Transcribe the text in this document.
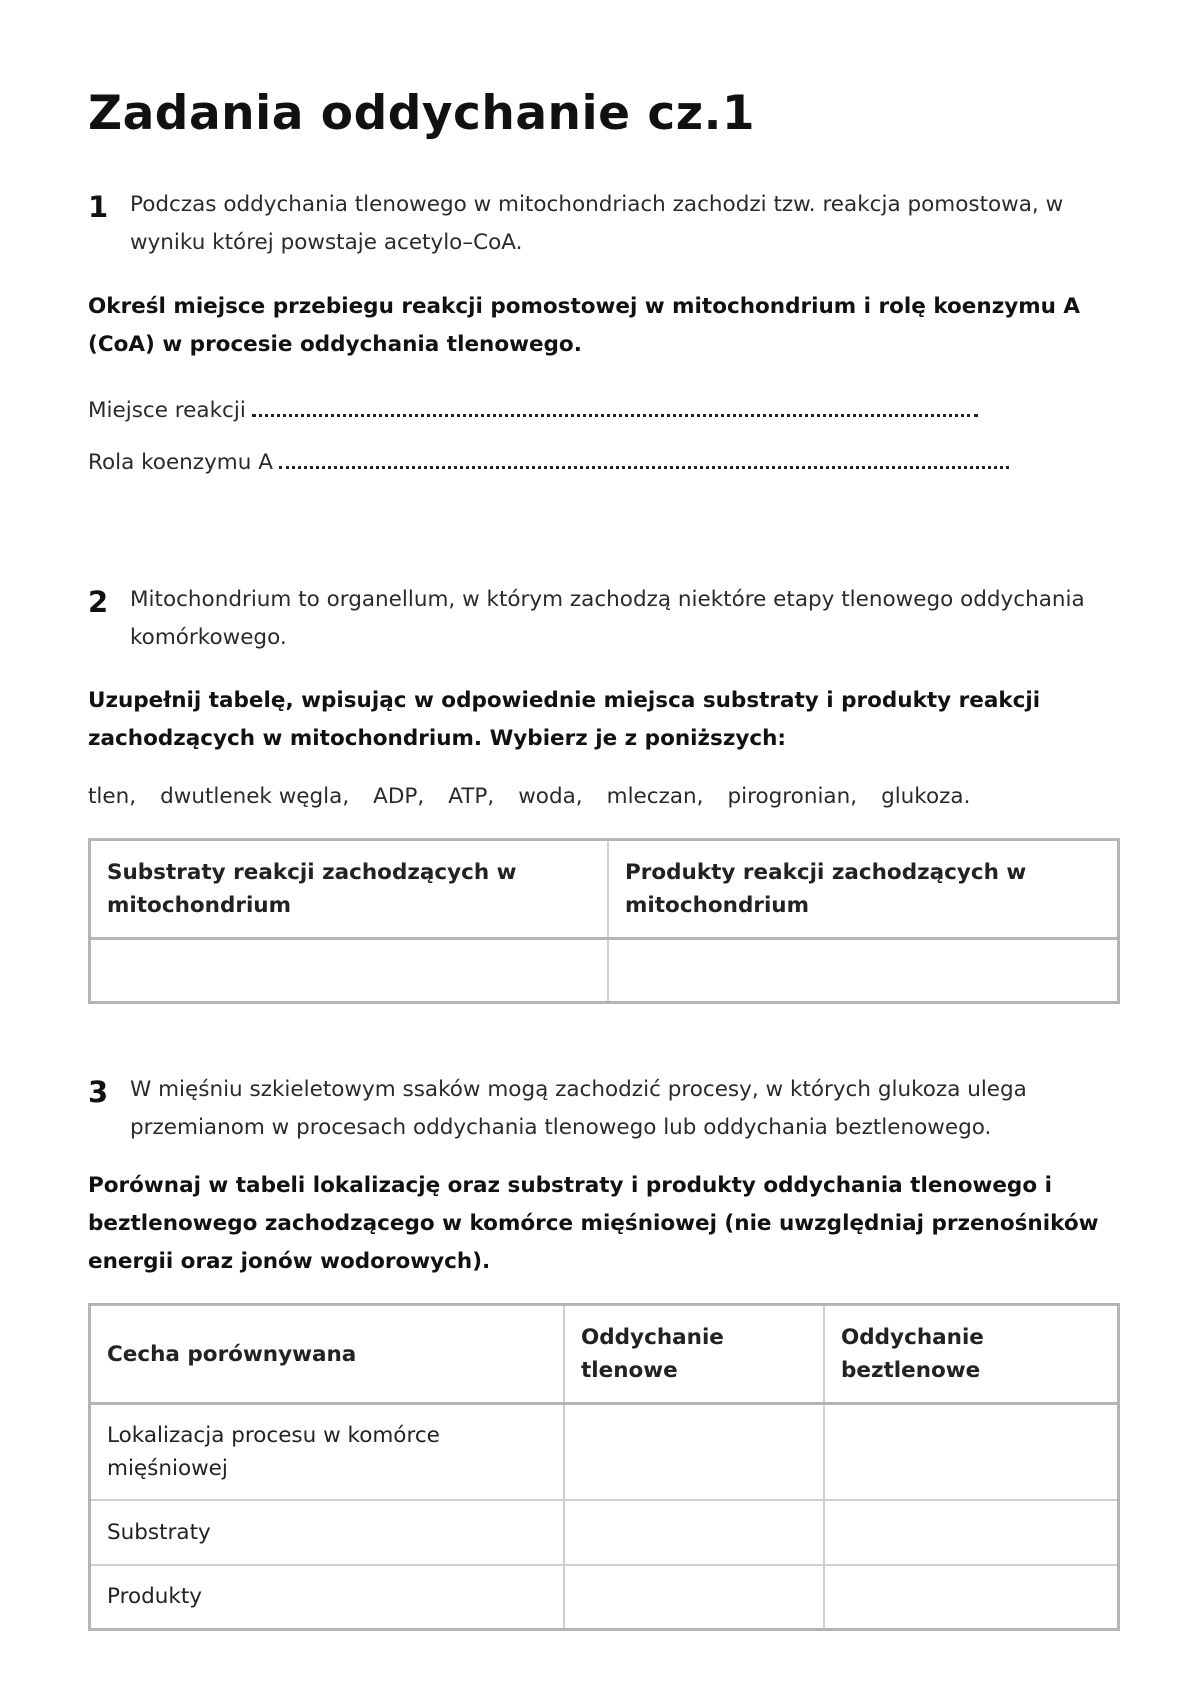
Zadania oddychanie cz.1
1 Podczas oddychania tlenowego w mitochondriach zachodzi tzw. reakcja pomostowa, w wyniku której powstaje acetylo–CoA.

Określ miejsce przebiegu reakcji pomostowej w mitochondrium i rolę koenzymu A (CoA) w procesie oddychania tlenowego.

Miejsce reakcji
Rola koenzymu A
2 Mitochondrium to organellum, w którym zachodzą niektóre etapy tlenowego oddychania komórkowego.

Uzupełnij tabelę, wpisując w odpowiednie miejsca substraty i produkty reakcji zachodzących w mitochondrium. Wybierz je z poniższych:

tlen, dwutlenek węgla, ADP, ATP, woda, mleczan, pirogronian, glukoza.
Substraty reakcji zachodzących w mitochondrium	Produkty reakcji zachodzących w mitochondrium

3 W mięśniu szkieletowym ssaków mogą zachodzić procesy, w których glukoza ulega przemianom w procesach oddychania tlenowego lub oddychania beztlenowego.

Porównaj w tabeli lokalizację oraz substraty i produkty oddychania tlenowego i beztlenowego zachodzącego w komórce mięśniowej (nie uwzględniaj przenośników energii oraz jonów wodorowych).

Cecha porównywana	Oddychanie tlenowe	Oddychanie beztlenowe
Lokalizacja procesu w komórce mięśniowej		
Substraty		
Produkty		
